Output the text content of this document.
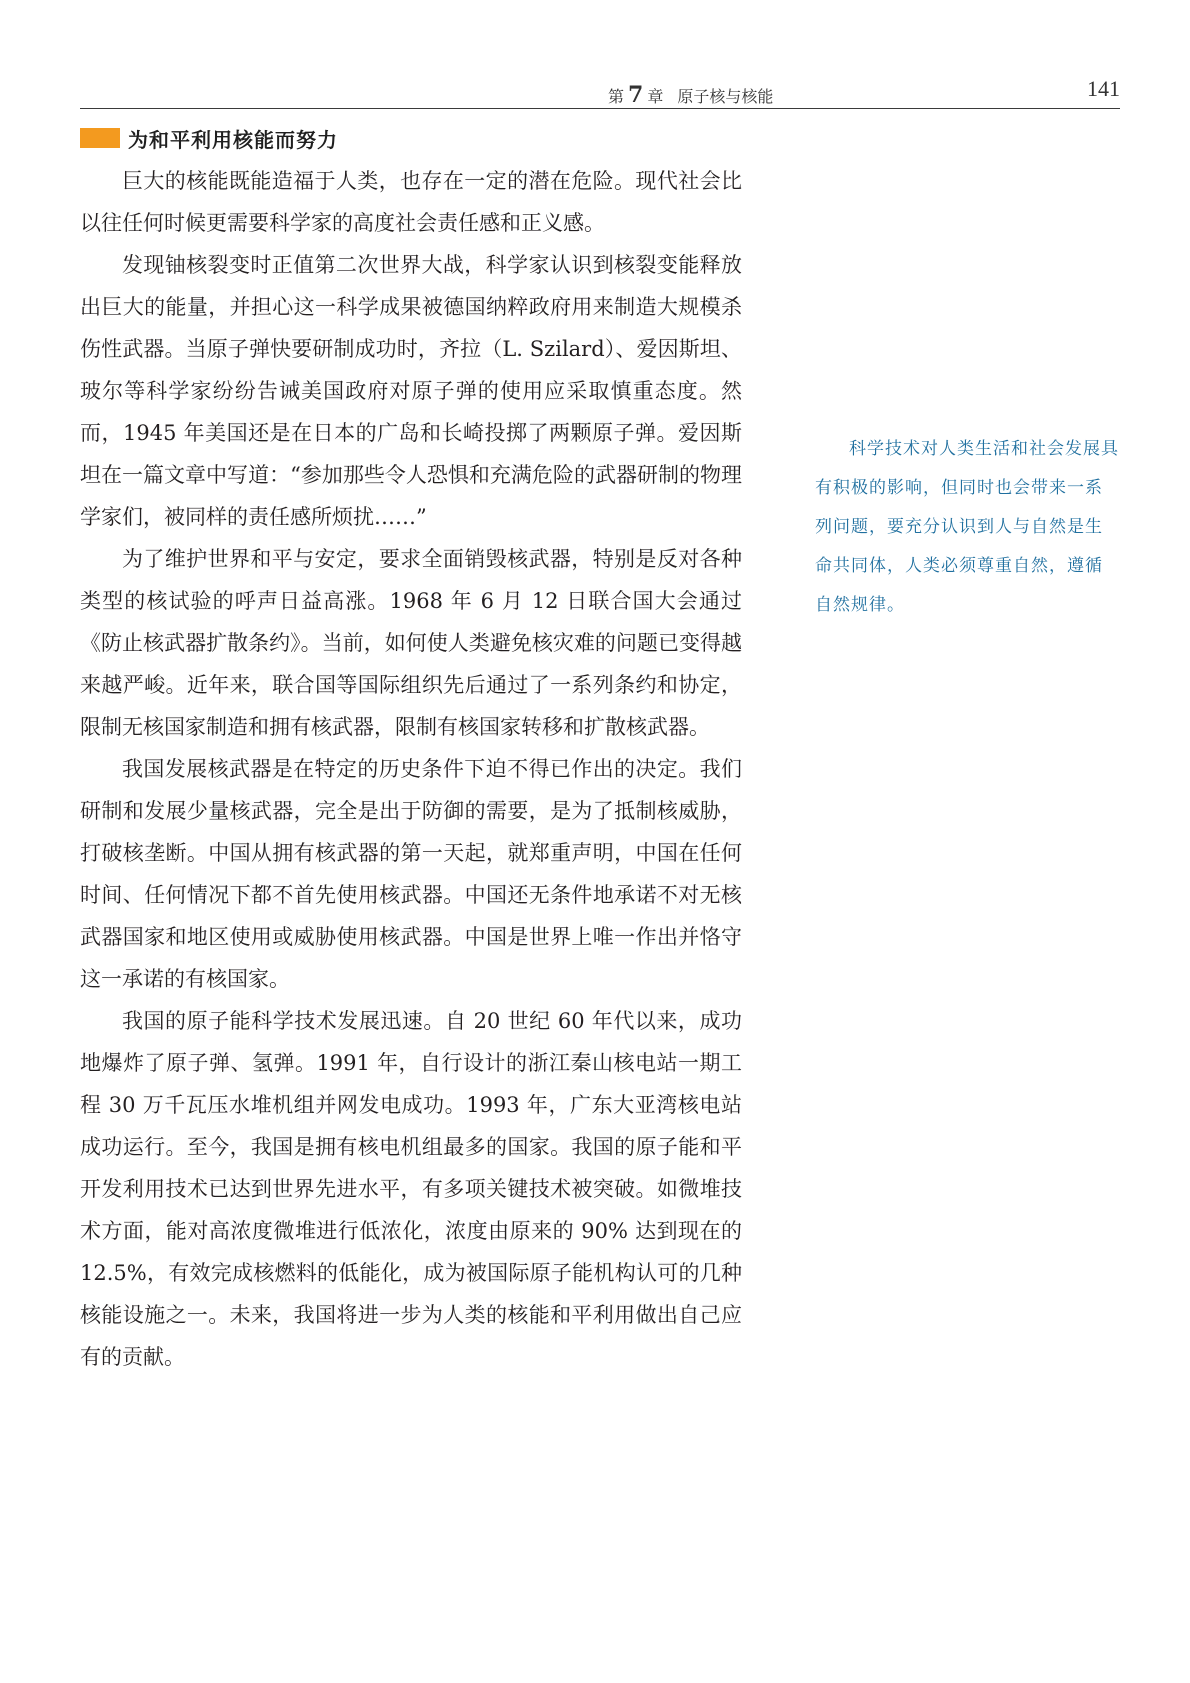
第 7 章 原子核与核能	141
为和平利用核能而努力

巨大的核能既能造福于人类，也存在一定的潜在危险。现代社会比以往任何时候更需要科学家的高度社会责任感和正义感。

发现铀核裂变时正值第二次世界大战，科学家认识到核裂变能释放出巨大的能量，并担心这一科学成果被德国纳粹政府用来制造大规模杀伤性武器。当原子弹快要研制成功时，齐拉（L. Szilard）、爱因斯坦、玻尔等科学家纷纷告诫美国政府对原子弹的使用应采取慎重态度。然而，1945 年美国还是在日本的广岛和长崎投掷了两颗原子弹。爱因斯坦在一篇文章中写道：“参加那些令人恐惧和充满危险的武器研制的物理学家们，被同样的责任感所烦扰……”

为了维护世界和平与安定，要求全面销毁核武器，特别是反对各种类型的核试验的呼声日益高涨。1968 年 6 月 12 日联合国大会通过《防止核武器扩散条约》。当前，如何使人类避免核灾难的问题已变得越来越严峻。近年来，联合国等国际组织先后通过了一系列条约和协定，限制无核国家制造和拥有核武器，限制有核国家转移和扩散核武器。

我国发展核武器是在特定的历史条件下迫不得已作出的决定。我们研制和发展少量核武器，完全是出于防御的需要，是为了抵制核威胁，打破核垄断。中国从拥有核武器的第一天起，就郑重声明，中国在任何时间、任何情况下都不首先使用核武器。中国还无条件地承诺不对无核武器国家和地区使用或威胁使用核武器。中国是世界上唯一作出并恪守这一承诺的有核国家。

我国的原子能科学技术发展迅速。自 20 世纪 60 年代以来，成功地爆炸了原子弹、氢弹。1991 年，自行设计的浙江秦山核电站一期工程 30 万千瓦压水堆机组并网发电成功。1993 年，广东大亚湾核电站成功运行。至今，我国是拥有核电机组最多的国家。我国的原子能和平开发利用技术已达到世界先进水平，有多项关键技术被突破。如微堆技术方面，能对高浓度微堆进行低浓化，浓度由原来的 90% 达到现在的 12.5%，有效完成核燃料的低能化，成为被国际原子能机构认可的几种核能设施之一。未来，我国将进一步为人类的核能和平利用做出自己应有的贡献。

科学技术对人类生活和社会发展具有积极的影响，但同时也会带来一系列问题，要充分认识到人与自然是生命共同体，人类必须尊重自然，遵循自然规律。
